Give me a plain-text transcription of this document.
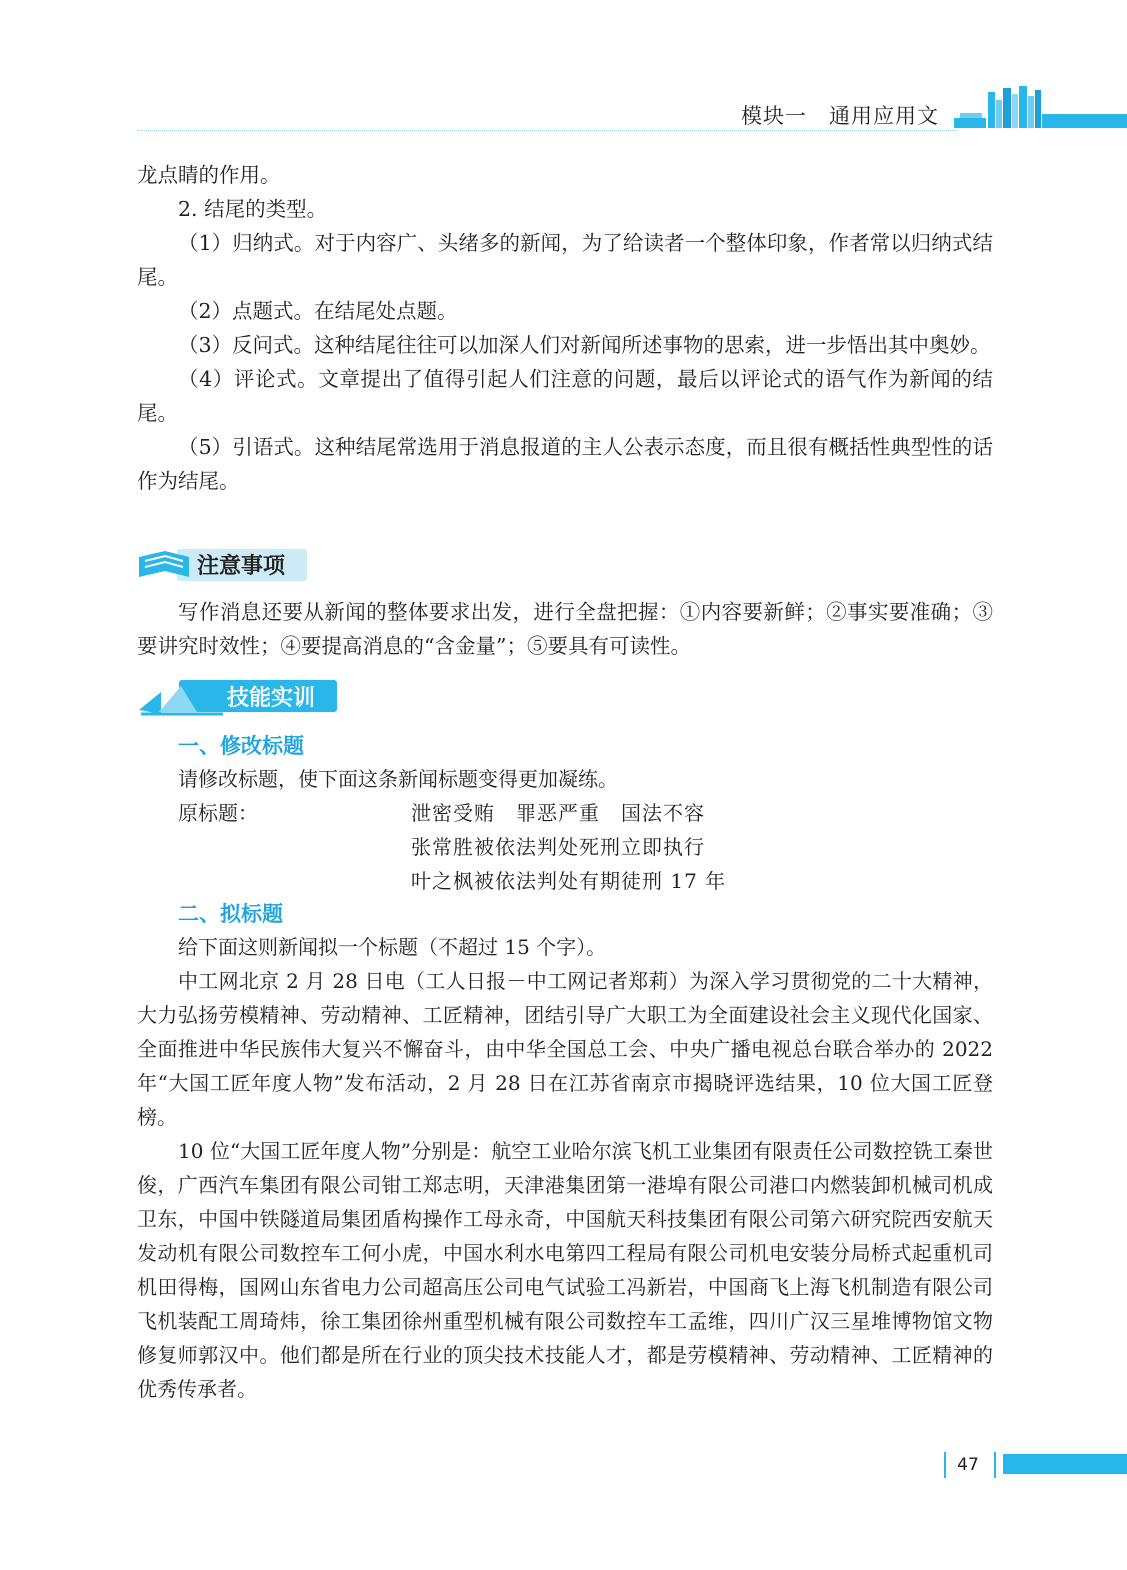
模块一　通用应用文

龙点睛的作用。

2. 结尾的类型。

（1）归纳式。对于内容广、头绪多的新闻，为了给读者一个整体印象，作者常以归纳式结尾。

（2）点题式。在结尾处点题。

（3）反问式。这种结尾往往可以加深人们对新闻所述事物的思索，进一步悟出其中奥妙。

（4）评论式。文章提出了值得引起人们注意的问题，最后以评论式的语气作为新闻的结尾。

（5）引语式。这种结尾常选用于消息报道的主人公表示态度，而且很有概括性典型性的话作为结尾。

注意事项

写作消息还要从新闻的整体要求出发，进行全盘把握：①内容要新鲜；②事实要准确；③要讲究时效性；④要提高消息的“含金量”；⑤要具有可读性。

技能实训
一、修改标题

请修改标题，使下面这条新闻标题变得更加凝练。

原标题：	泄密受贿　罪恶严重　国法不容
张常胜被依法判处死刑立即执行
叶之枫被依法判处有期徒刑 17 年
二、拟标题

给下面这则新闻拟一个标题（不超过 15 个字）。

中工网北京 2 月 28 日电（工人日报－中工网记者郑莉）为深入学习贯彻党的二十大精神，大力弘扬劳模精神、劳动精神、工匠精神，团结引导广大职工为全面建设社会主义现代化国家、全面推进中华民族伟大复兴不懈奋斗，由中华全国总工会、中央广播电视总台联合举办的 2022 年“大国工匠年度人物”发布活动，2 月 28 日在江苏省南京市揭晓评选结果，10 位大国工匠登榜。

10 位“大国工匠年度人物”分别是：航空工业哈尔滨飞机工业集团有限责任公司数控铣工秦世俊，广西汽车集团有限公司钳工郑志明，天津港集团第一港埠有限公司港口内燃装卸机械司机成卫东，中国中铁隧道局集团盾构操作工母永奇，中国航天科技集团有限公司第六研究院西安航天发动机有限公司数控车工何小虎，中国水利水电第四工程局有限公司机电安装分局桥式起重机司机田得梅，国网山东省电力公司超高压公司电气试验工冯新岩，中国商飞上海飞机制造有限公司飞机装配工周琦炜，徐工集团徐州重型机械有限公司数控车工孟维，四川广汉三星堆博物馆文物修复师郭汉中。他们都是所在行业的顶尖技术技能人才，都是劳模精神、劳动精神、工匠精神的优秀传承者。

47
